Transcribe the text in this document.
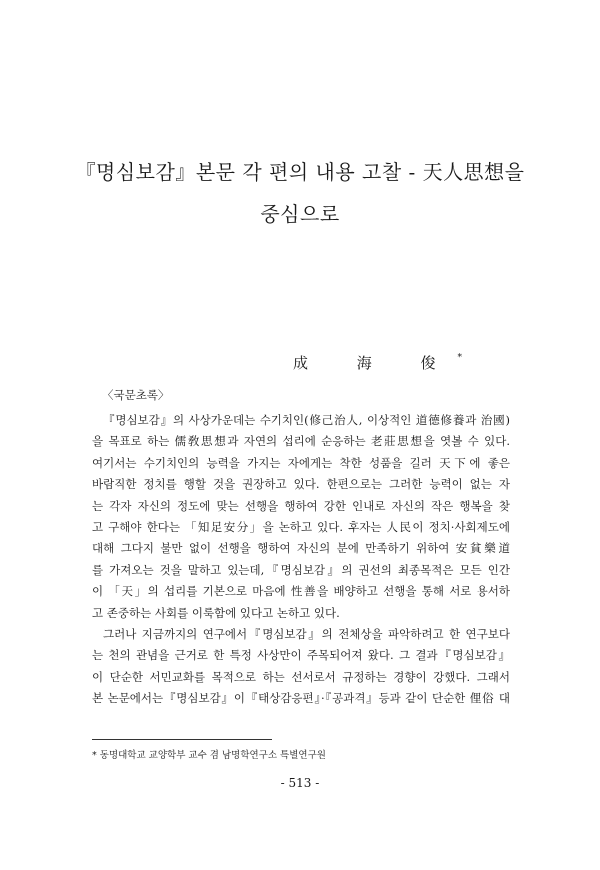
『명심보감』본문 각 편의 내용 고찰 - 天人思想을
중심으로
成 海 俊*
〈국문초록〉

『명심보감』의 사상가운데는 수기치인(修己治人, 이상적인 道德修養과 治國)
을 목표로 하는 儒敎思想과 자연의 섭리에 순응하는 老莊思想을 엿볼 수 있다.
여기서는 수기치인의 능력을 가지는 자에게는 착한 성품을 길러 天下에 좋은
바람직한 정치를 행할 것을 권장하고 있다. 한편으로는 그러한 능력이 없는 자
는 각자 자신의 정도에 맞는 선행을 행하여 강한 인내로 자신의 작은 행복을 찾
고 구해야 한다는 「知足安分」을 논하고 있다. 후자는 人民이 정치·사회제도에
대해 그다지 불만 없이 선행을 행하여 자신의 분에 만족하기 위하여 安貧樂道
를 가져오는 것을 말하고 있는데,『명심보감』의 권선의 최종목적은 모든 인간
이 「天」의 섭리를 기본으로 마음에 性善을 배양하고 선행을 통해 서로 용서하
고 존중하는 사회를 이룩함에 있다고 논하고 있다.

그러나 지금까지의 연구에서『명심보감』의 전체상을 파악하려고 한 연구보다
는 천의 관념을 근거로 한 특정 사상만이 주목되어져 왔다. 그 결과『명심보감』
이 단순한 서민교화를 목적으로 하는 선서로서 규정하는 경향이 강했다. 그래서
본 논문에서는『명심보감』이『태상감응편』·『공과격』등과 같이 단순한 俚俗 대

* 동명대학교 교양학부 교수 겸 남명학연구소 특별연구원
- 513 -
